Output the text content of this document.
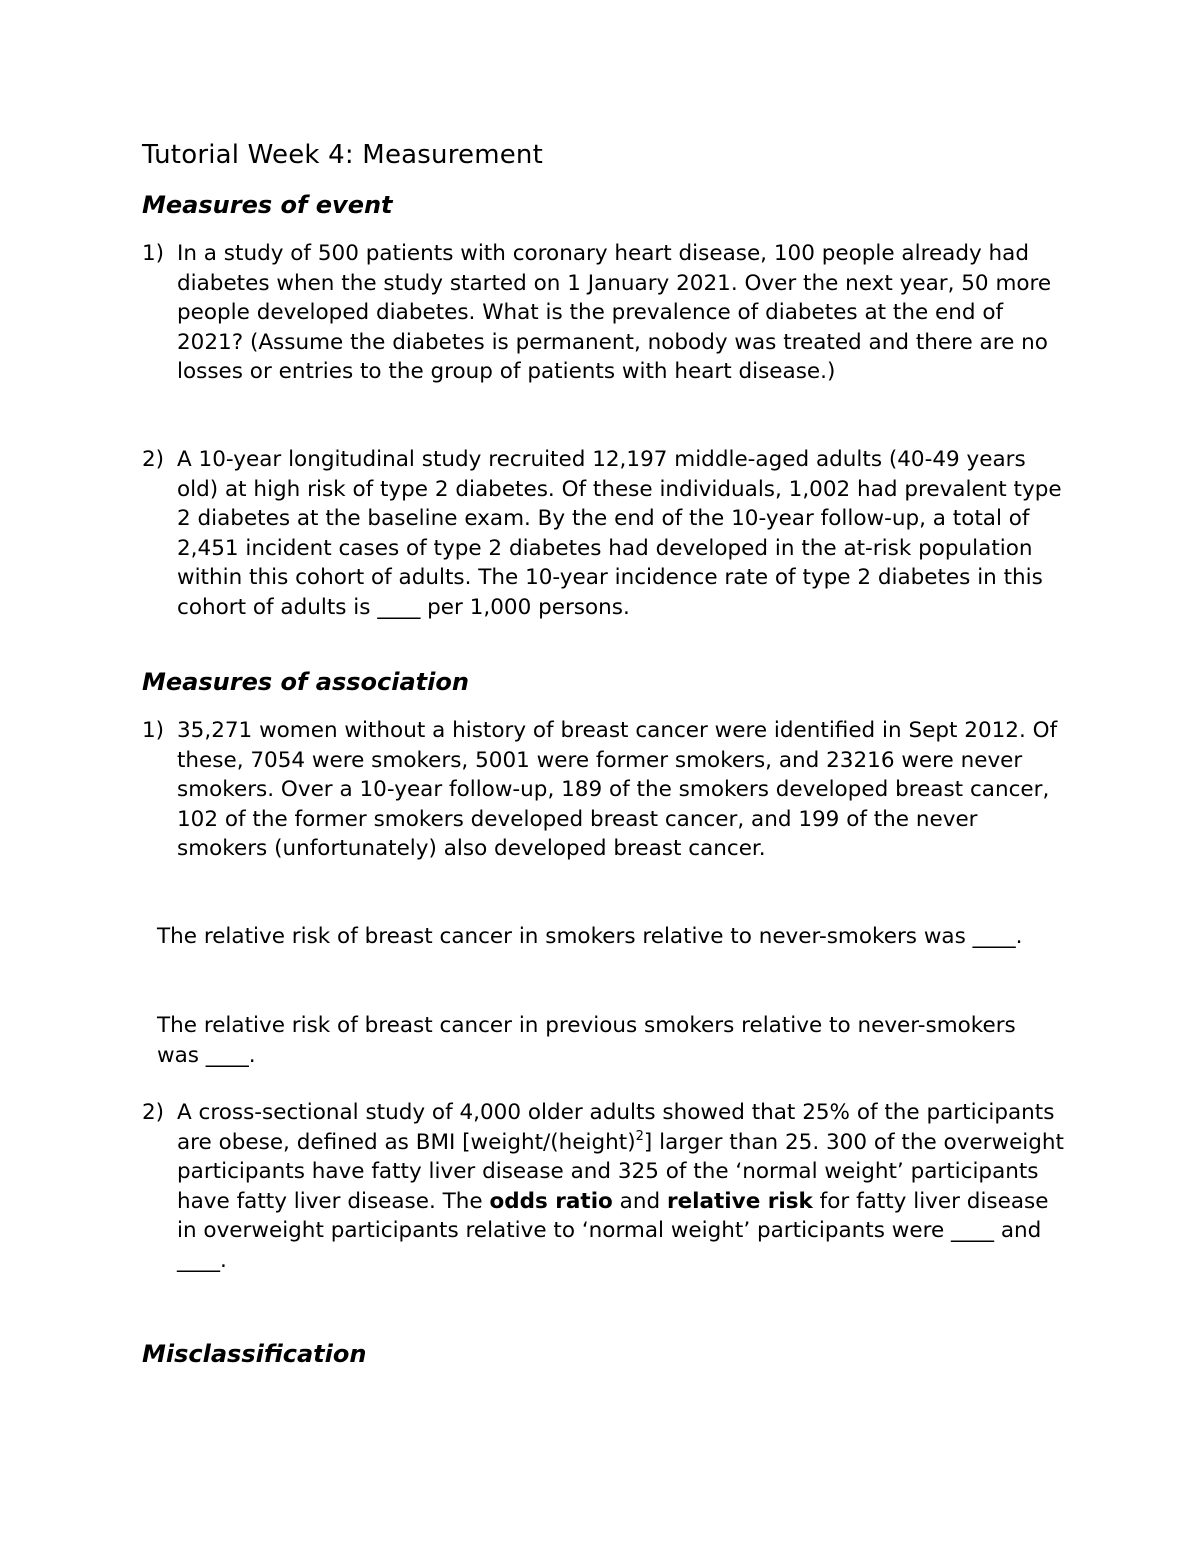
Tutorial Week 4: Measurement
Measures of event
1) In a study of 500 patients with coronary heart disease, 100 people already had diabetes when the study started on 1 January 2021. Over the next year, 50 more people developed diabetes. What is the prevalence of diabetes at the end of 2021? (Assume the diabetes is permanent, nobody was treated and there are no losses or entries to the group of patients with heart disease.)
2) A 10-year longitudinal study recruited 12,197 middle-aged adults (40-49 years old) at high risk of type 2 diabetes. Of these individuals, 1,002 had prevalent type 2 diabetes at the baseline exam. By the end of the 10-year follow-up, a total of 2,451 incident cases of type 2 diabetes had developed in the at-risk population within this cohort of adults. The 10-year incidence rate of type 2 diabetes in this cohort of adults is ____ per 1,000 persons.
Measures of association
1) 35,271 women without a history of breast cancer were identified in Sept 2012. Of these, 7054 were smokers, 5001 were former smokers, and 23216 were never smokers. Over a 10-year follow-up, 189 of the smokers developed breast cancer, 102 of the former smokers developed breast cancer, and 199 of the never smokers (unfortunately) also developed breast cancer.
The relative risk of breast cancer in smokers relative to never-smokers was ____.
The relative risk of breast cancer in previous smokers relative to never-smokers was ____.
2) A cross-sectional study of 4,000 older adults showed that 25% of the participants are obese, defined as BMI [weight/(height)$^2$] larger than 25. 300 of the overweight participants have fatty liver disease and 325 of the ‘normal weight’ participants have fatty liver disease. The odds ratio and relative risk for fatty liver disease in overweight participants relative to ‘normal weight’ participants were ____ and ____.
Misclassification
